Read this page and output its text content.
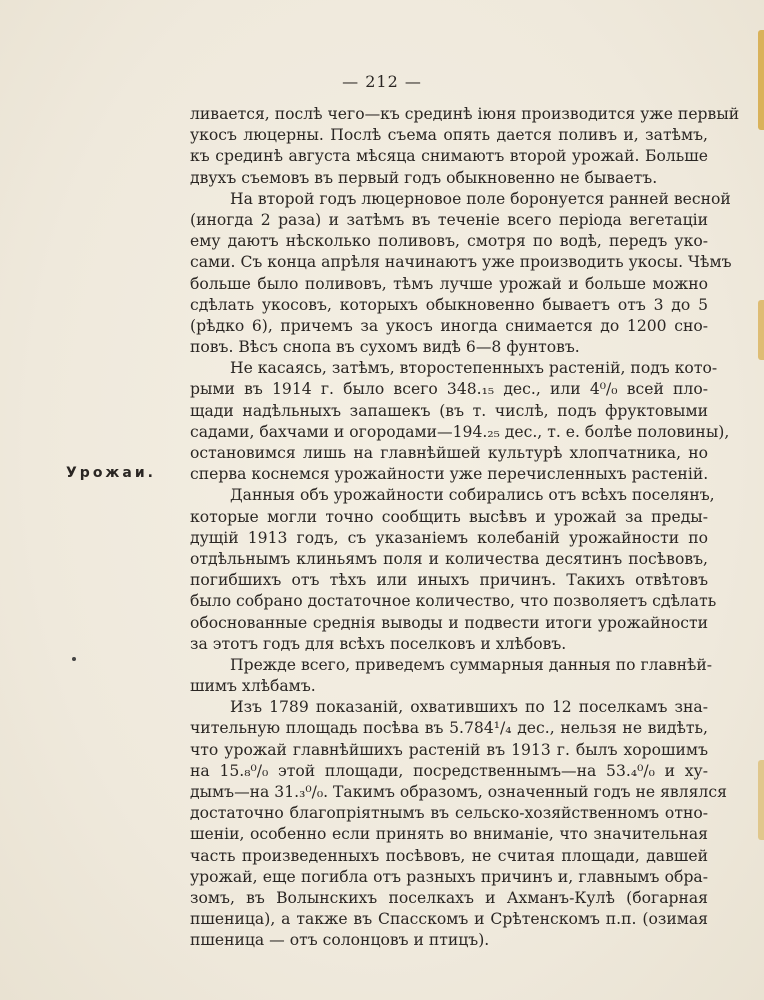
— 212 —
Урожаи.
ливается, послѣ чего—къ срединѣ іюня производится уже первый
укосъ люцерны. Послѣ съема опять дается поливъ и, затѣмъ,
къ срединѣ августа мѣсяца снимаютъ второй урожай. Больше
двухъ съемовъ въ первый годъ обыкновенно не бываетъ.
На второй годъ люцерновое поле боронуется ранней весной
(иногда 2 раза) и затѣмъ въ теченіе всего періода вегетаціи
ему даютъ нѣсколько поливовъ, смотря по водѣ, передъ уко-
сами. Съ конца апрѣля начинаютъ уже производить укосы. Чѣмъ
больше было поливовъ, тѣмъ лучше урожай и больше можно
сдѣлать укосовъ, которыхъ обыкновенно бываетъ отъ 3 до 5
(рѣдко 6), причемъ за укосъ иногда снимается до 1200 сно-
повъ. Вѣсъ снопа въ сухомъ видѣ 6—8 фунтовъ.
Не касаясь, затѣмъ, второстепенныхъ растеній, подъ кото-
рыми въ 1914 г. было всего 348.₁₅ дес., или 4⁰/₀ всей пло-
щади надѣльныхъ запашекъ (въ т. числѣ, подъ фруктовыми
садами, бахчами и огородами—194.₂₅ дес., т. е. болѣе половины),
остановимся лишь на главнѣйшей культурѣ хлопчатника, но
сперва коснемся урожайности уже перечисленныхъ растеній.
Данныя объ урожайности собирались отъ всѣхъ поселянъ,
которые могли точно сообщить высѣвъ и урожай за преды-
дущій 1913 годъ, съ указаніемъ колебаній урожайности по
отдѣльнымъ клиньямъ поля и количества десятинъ посѣвовъ,
погибшихъ отъ тѣхъ или иныхъ причинъ. Такихъ отвѣтовъ
было собрано достаточное количество, что позволяетъ сдѣлать
обоснованные среднія выводы и подвести итоги урожайности
за этотъ годъ для всѣхъ поселковъ и хлѣбовъ.
Прежде всего, приведемъ суммарныя данныя по главнѣй-
шимъ хлѣбамъ.
Изъ 1789 показаній, охватившихъ по 12 поселкамъ зна-
чительную площадь посѣва въ 5.784¹/₄ дес., нельзя не видѣть,
что урожай главнѣйшихъ растеній въ 1913 г. былъ хорошимъ
на 15.₈⁰/₀ этой площади, посредственнымъ—на 53.₄⁰/₀ и ху-
дымъ—на 31.₃⁰/₀. Такимъ образомъ, означенный годъ не являлся
достаточно благопріятнымъ въ сельско-хозяйственномъ отно-
шеніи, особенно если принять во вниманіе, что значительная
часть произведенныхъ посѣвовъ, не считая площади, давшей
урожай, еще погибла отъ разныхъ причинъ и, главнымъ обра-
зомъ, въ Волынскихъ поселкахъ и Ахманъ-Кулѣ (богарная
пшеница), а также въ Спасскомъ и Срѣтенскомъ п.п. (озимая
пшеница — отъ солонцовъ и птицъ).
